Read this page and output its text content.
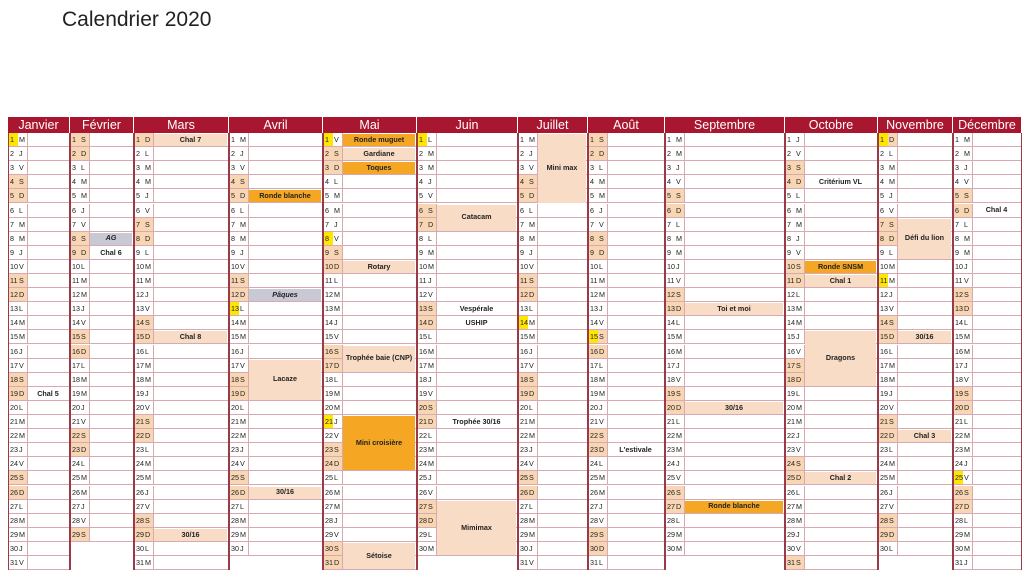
Calendrier 2020
Janvier
1 M
2 J
3 V
4 S
5 D
6 L
7 M
8 M
9 J
10 V
11 S
12 D
13 L
14 M
15 M
16 J
17 V
18 S
19 D
20 L
21 M
22 M
23 J
24 V
25 S
26 D
27 L
28 M
29 M
30 J
31 V
Février
1 S
2 D
3 L
4 M
5 M
6 J
7 V
8 S
9 D
10 L
11 M
12 M
13 J
14 V
15 S
16 D
17 L
18 M
19 M
20 J
21 V
22 S
23 D
24 L
25 M
26 M
27 J
28 V
29 S
Mars
1 D
2 L
3 M
4 M
5 J
6 V
7 S
8 D
9 L
10 M
11 M
12 J
13 V
14 S
15 D
16 L
17 M
18 M
19 J
20 V
21 S
22 D
23 L
24 M
25 M
26 J
27 V
28 S
29 D
30 L
31 M
Avril
1 M
2 J
3 V
4 S
5 D
6 L
7 M
8 M
9 J
10 V
11 S
12 D
13 L
14 M
15 M
16 J
17 V
18 S
19 D
20 L
21 M
22 M
23 J
24 V
25 S
26 D
27 L
28 M
29 M
30 J
Mai
1 V
2 S
3 D
4 L
5 M
6 M
7 J
8 V
9 S
10 D
11 L
12 M
13 M
14 J
15 V
16 S
17 D
18 L
19 M
20 M
21 J
22 V
23 S
24 D
25 L
26 M
27 M
28 J
29 V
30 S
31 D
Juin
1 L
2 M
3 M
4 J
5 V
6 S
7 D
8 L
9 M
10 M
11 J
12 V
13 S
14 D
15 L
16 M
17 M
18 J
19 V
20 S
21 D
22 L
23 M
24 M
25 J
26 V
27 S
28 D
29 L
30 M
Juillet
1 M
2 J
3 V
4 S
5 D
6 L
7 M
8 M
9 J
10 V
11 S
12 D
13 L
14 M
15 M
16 J
17 V
18 S
19 D
20 L
21 M
22 M
23 J
24 V
25 S
26 D
27 L
28 M
29 M
30 J
31 V
Août
1 S
2 D
3 L
4 M
5 M
6 J
7 V
8 S
9 D
10 L
11 M
12 M
13 J
14 V
15 S
16 D
17 L
18 M
19 M
20 J
21 V
22 S
23 D
24 L
25 M
26 M
27 J
28 V
29 S
30 D
31 L
Septembre
1 M
2 M
3 J
4 V
5 S
6 D
7 L
8 M
9 M
10 J
11 V
12 S
13 D
14 L
15 M
16 M
17 J
18 V
19 S
20 D
21 L
22 M
23 M
24 J
25 V
26 S
27 D
28 L
29 M
30 M
Octobre
1 J
2 V
3 S
4 D
5 L
6 M
7 M
8 J
9 V
10 S
11 D
12 L
13 M
14 M
15 J
16 V
17 S
18 D
19 L
20 M
21 M
22 J
23 V
24 S
25 D
26 L
27 M
28 M
29 J
30 V
31 S
Novembre
1 D
2 L
3 M
4 M
5 J
6 V
7 S
8 D
9 L
10 M
11 M
12 J
13 V
14 S
15 D
16 L
17 M
18 M
19 J
20 V
21 S
22 D
23 L
24 M
25 M
26 J
27 V
28 S
29 D
30 L
Décembre
1 M
2 M
3 J
4 V
5 S
6 D
7 L
8 M
9 M
10 J
11 V
12 S
13 D
14 L
15 M
16 M
17 J
18 V
19 S
20 D
21 L
22 M
23 M
24 J
25 V
26 S
27 D
28 L
29 M
30 M
31 J
Chal 5
AG
Chal 6
Chal 7
Chal 8
30/16
Ronde blanche
Pâques
Lacaze
30/16
Ronde muguet
Gardiane
Toques
Rotary
Trophée baie (CNP)
Mini croisière
Sétoise
Catacam
Vespérale
USHIP
Trophée 30/16
Mimimax
Mini max
L'estivale
Toi et moi
30/16
Ronde blanche
Critérium VL
Ronde SNSM
Chal 1
Dragons
Chal 2
Défi du lion
30/16
Chal 3
Chal 4
